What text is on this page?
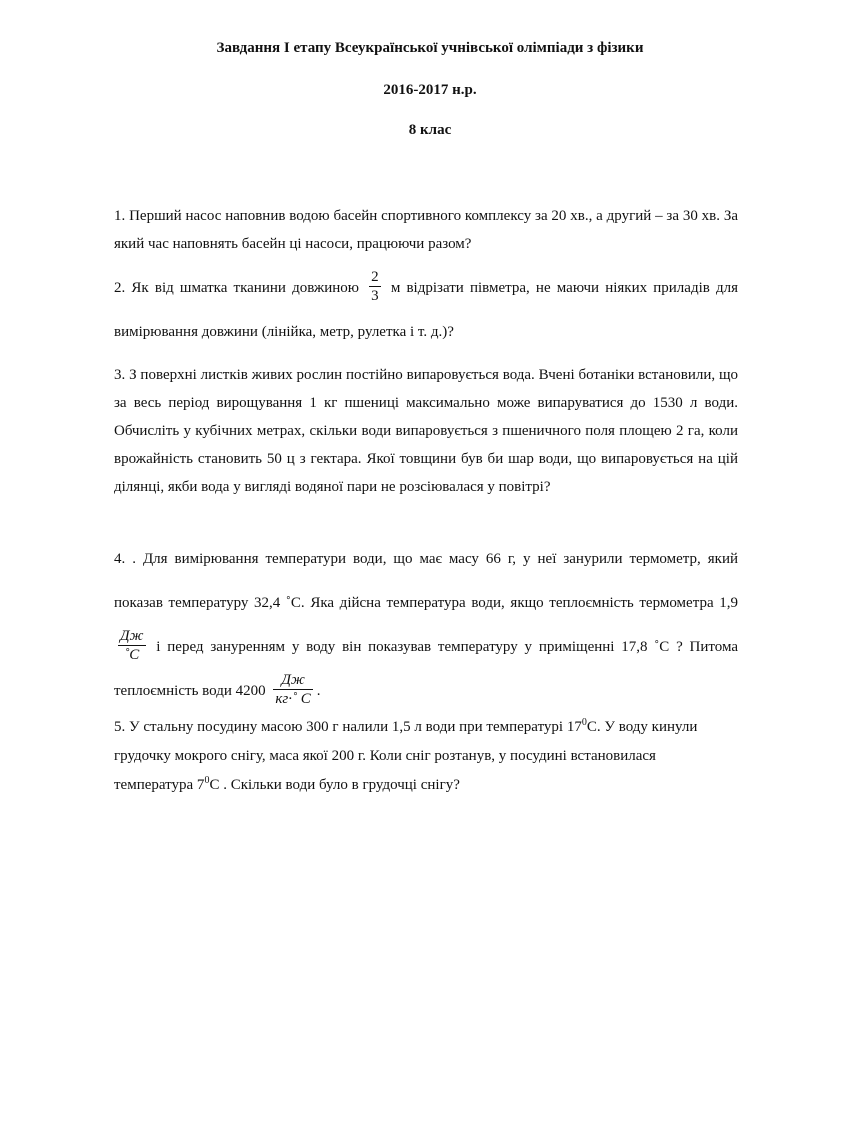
Завдання І етапу Всеукраїнської учнівської олімпіади з фізики
2016-2017 н.р.
8 клас
1. Перший насос наповнив водою басейн спортивного комплексу за 20 хв., а другий – за 30 хв. За який час наповнять басейн ці насоси, працюючи разом?
2. Як від шматка тканини довжиною $\frac{2}{3}$ м відрізати півметра, не маючи ніяких приладів для вимірювання довжини (лінійка, метр, рулетка і т. д.)?
3. З поверхні листків живих рослин постійно випаровується вода. Вчені ботаніки встановили, що за весь період вирощування 1 кг пшениці максимально може випаруватися до 1530 л води. Обчисліть у кубічних метрах, скільки води випаровується з пшеничного поля площею 2 га, коли врожайність становить 50 ц з гектара. Якої товщини був би шар води, що випаровується на цій ділянці, якби вода у вигляді водяної пари не розсіювалася у повітрі?
4. . Для вимірювання температури води, що має масу 66 г, у неї занурили термометр, який показав температуру 32,4 ˚С. Яка дійсна температура води, якщо теплоємність термометра 1,9
$\frac{Дж}{˚С}$ і перед зануренням у воду він показував температуру у приміщенні 17,8 ˚С ? Питома теплоємність води $4200 \frac{Дж}{кг\cdot˚ С}$ .
5. У стальну посудину масою 300 г налили 1,5 л води при температурі $17^0С$. У воду кинули грудочку мокрого снігу, маса якої 200 г. Коли сніг розтанув, у посудині встановилася температура $7^0С$ . Скільки води було в грудочці снігу?
